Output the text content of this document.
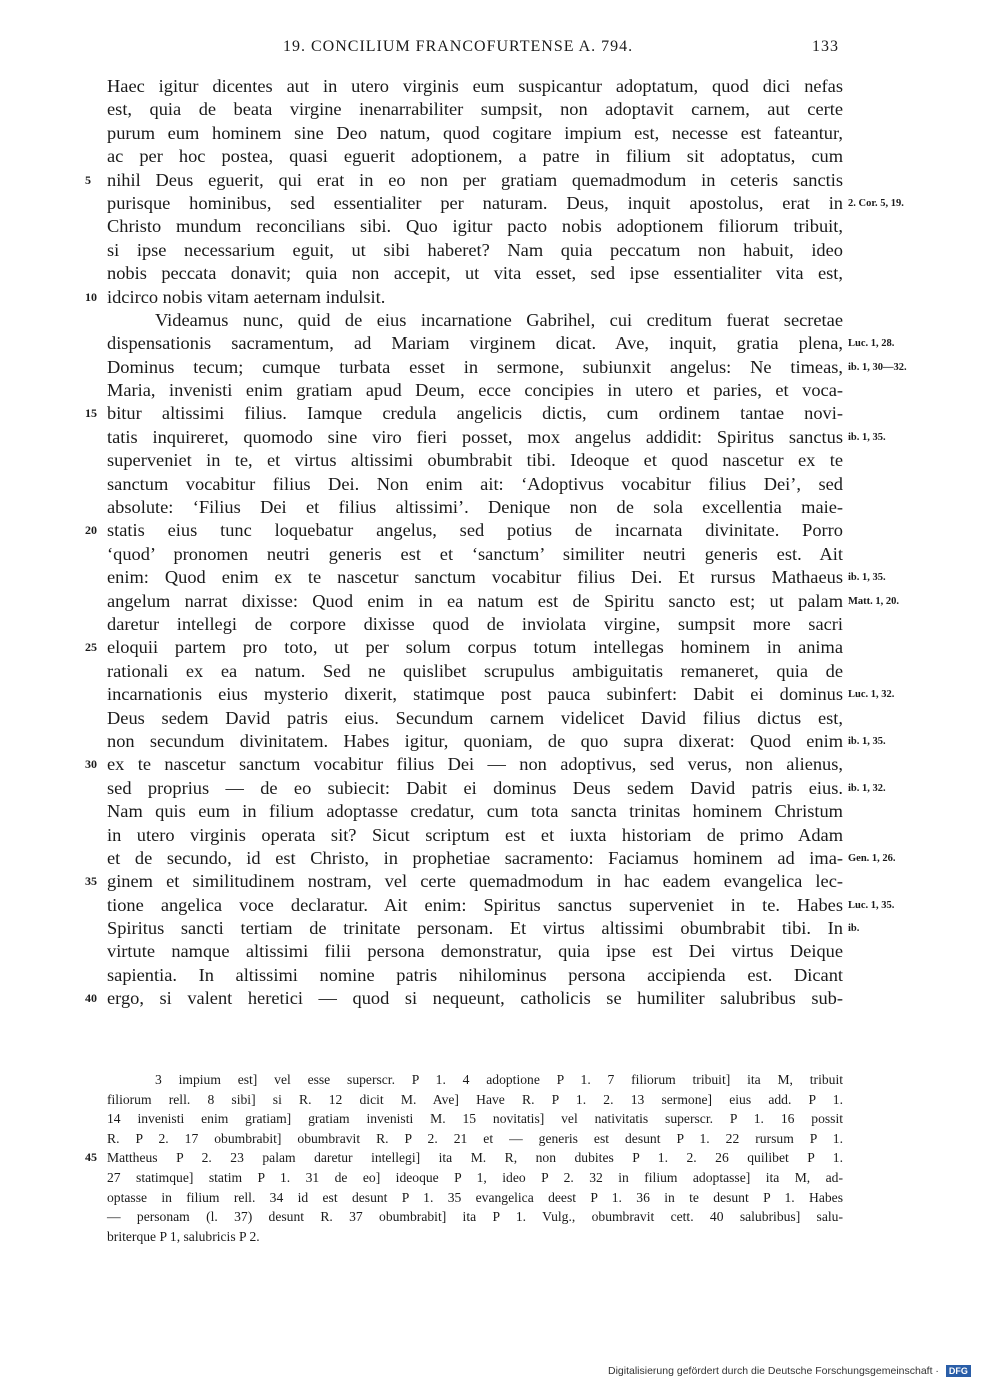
19. CONCILIUM FRANCOFURTENSE A. 794.	133
Haec igitur dicentes aut in utero virginis eum suspicantur adoptatum, quod dici nefas
est, quia de beata virgine inenarrabiliter sumpsit, non adoptavit carnem, aut certe
purum eum hominem sine Deo natum, quod cogitare impium est, necesse est fateantur,
ac per hoc postea, quasi eguerit adoptionem, a patre in filium sit adoptatus, cum
nihil Deus eguerit, qui erat in eo non per gratiam quemadmodum in ceteris sanctis
5
purisque hominibus, sed essentialiter per naturam. Deus, inquit apostolus, erat in 2. Cor. 5, 19.
Christo mundum reconcilians sibi. Quo igitur pacto nobis adoptionem filiorum tribuit,
si ipse necessarium eguit, ut sibi haberet? Nam quia peccatum non habuit, ideo
nobis peccata donavit; quia non accepit, ut vita esset, sed ipse essentialiter vita est,
idcirco nobis vitam aeternam indulsit.
10
Videamus nunc, quid de eius incarnatione Gabrihel, cui creditum fuerat secretae
dispensationis sacramentum, ad Mariam virginem dicat. Ave, inquit, gratia plena, Luc. 1, 28.
Dominus tecum; cumque turbata esset in sermone, subiunxit angelus: Ne timeas, ib. 1, 30—32.
Maria, invenisti enim gratiam apud Deum, ecce concipies in utero et paries, et voca-
bitur altissimi filius. Iamque credula angelicis dictis, cum ordinem tantae novi-
15
tatis inquireret, quomodo sine viro fieri posset, mox angelus addidit: Spiritus sanctus ib. 1, 35.
superveniet in te, et virtus altissimi obumbrabit tibi. Ideoque et quod nascetur ex te
sanctum vocabitur filius Dei. Non enim ait: ‘Adoptivus vocabitur filius Dei’, sed
absolute: ‘Filius Dei et filius altissimi’. Denique non de sola excellentia maie-
statis eius tunc loquebatur angelus, sed potius de incarnata divinitate. Porro
20
‘quod’ pronomen neutri generis est et ‘sanctum’ similiter neutri generis est. Ait
enim: Quod enim ex te nascetur sanctum vocabitur filius Dei. Et rursus Mathaeus ib. 1, 35.
angelum narrat dixisse: Quod enim in ea natum est de Spiritu sancto est; ut palam Matt. 1, 20.
daretur intellegi de corpore dixisse quod de inviolata virgine, sumpsit more sacri
eloquii partem pro toto, ut per solum corpus totum intellegas hominem in anima
25
rationali ex ea natum. Sed ne quislibet scrupulus ambiguitatis remaneret, quia de
incarnationis eius mysterio dixerit, statimque post pauca subinfert: Dabit ei dominus Luc. 1, 32.
Deus sedem David patris eius. Secundum carnem videlicet David filius dictus est,
non secundum divinitatem. Habes igitur, quoniam, de quo supra dixerat: Quod enim ib. 1, 35.
ex te nascetur sanctum vocabitur filius Dei — non adoptivus, sed verus, non alienus,
30
sed proprius — de eo subiecit: Dabit ei dominus Deus sedem David patris eius. ib. 1, 32.
Nam quis eum in filium adoptasse credatur, cum tota sancta trinitas hominem Christum
in utero virginis operata sit? Sicut scriptum est et iuxta historiam de primo Adam
et de secundo, id est Christo, in prophetiae sacramento: Faciamus hominem ad ima- Gen. 1, 26.
ginem et similitudinem nostram, vel certe quemadmodum in hac eadem evangelica lec-
35
tione angelica voce declaratur. Ait enim: Spiritus sanctus superveniet in te. Habes Luc. 1, 35.
Spiritus sancti tertiam de trinitate personam. Et virtus altissimi obumbrabit tibi. In ib.
virtute namque altissimi filii persona demonstratur, quia ipse est Dei virtus Deique
sapientia. In altissimi nomine patris nihilominus persona accipienda est. Dicant
ergo, si valent heretici — quod si nequeunt, catholicis se humiliter salubribus sub-
40
3 impium est] vel esse superscr. P 1. 4 adoptione P 1. 7 filiorum tribuit] ita M, tribuit
filiorum rell. 8 sibi] si R. 12 dicit M. Ave] Have R. P 1. 2. 13 sermone] eius add. P 1.
14 invenisti enim gratiam] gratiam invenisti M. 15 novitatis] vel nativitatis superscr. P 1. 16 possit
R. P 2. 17 obumbrabit] obumbravit R. P 2. 21 et — generis est desunt P 1. 22 rursum P 1.
Mattheus P 2. 23 palam daretur intellegi] ita M. R, non dubites P 1. 2. 26 quilibet P 1.
45
27 statimque] statim P 1. 31 de eo] ideoque P 1, ideo P 2. 32 in filium adoptasse] ita M, ad-
optasse in filium rell. 34 id est desunt P 1. 35 evangelica deest P 1. 36 in te desunt P 1. Habes
— personam (l. 37) desunt R. 37 obumbrabit] ita P 1. Vulg., obumbravit cett. 40 salubribus] salu-
briterque P 1, salubricis P 2.
Digitalisierung gefördert durch die Deutsche Forschungsgemeinschaft · DFG
